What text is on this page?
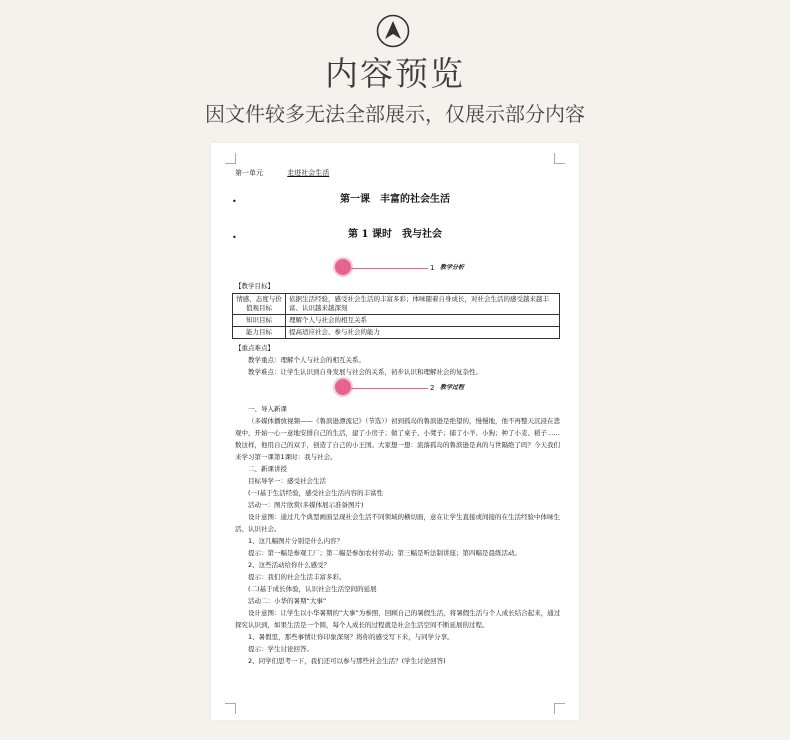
内容预览
因文件较多无法全部展示，仅展示部分内容
第一单元	走进社会生活
•	第一课　丰富的社会生活
•	第 1 课时　我与社会
1 教学分析
【教学目标】
情感、态度与价值观目标	依据生活经验，感受社会生活的丰富多彩；体味随着自身成长，对社会生活的感受越来越丰富、认识越来越深刻
知识目标	理解个人与社会的相互关系
能力目标	提高适应社会、参与社会的能力

【重点难点】

教学重点：理解个人与社会的相互关系。

教学难点：让学生认识到自身发展与社会的关系，初步认识和理解社会的复杂性。

2 教学过程

一、导入新课

（多媒体播放视频——《鲁滨逊漂流记》（节选））初到孤岛的鲁滨逊是绝望的，慢慢地，他不再整天沉浸在悲观中，开始一心一意地安排自己的生活，建了小房子；做了桌子、小凳子；捕了小羊、小狗；种了小麦、稻子……数这样，他用自己的双手，创造了自己的小王国。大家想一想：流落孤岛的鲁滨逊是真的与世隔绝了吗？今天我们来学习第一课第1课时：我与社会。

二、新课讲授

目标导学一：感受社会生活

(一)基于生活经验，感受社会生活内容的丰富性

活动一：图片欣赏(多媒体展示准备图片)

设计意图：通过几个典型画面呈现社会生活不同领域的横切面，意在让学生直接或间接的在生活经验中体味生活、认识社会。

1、这几幅图片分别是什么内容？

提示：第一幅是参观工厂；第二幅是参加农村劳动；第三幅是听法制讲座；第四幅是晨练活动。

2、这些活动给你什么感受？

提示：我们的社会生活丰富多彩。

(二)基于成长体验，认识社会生活空间的延展

活动二：小华的暑期“大事”

设计意图：让学生以小华暑期的“大事”为参照，回顾自己的暑假生活，将暑假生活与个人成长结合起来，通过探究认识到，如果生活是一个圆，每个人成长的过程就是社会生活空间不断延展的过程。

1、暑假里，那些事情让你印象深刻？将你的感受写下来，与同学分享。

提示：学生讨论回答。

2、同学们思考一下，我们还可以参与那些社会生活？(学生讨论回答)
